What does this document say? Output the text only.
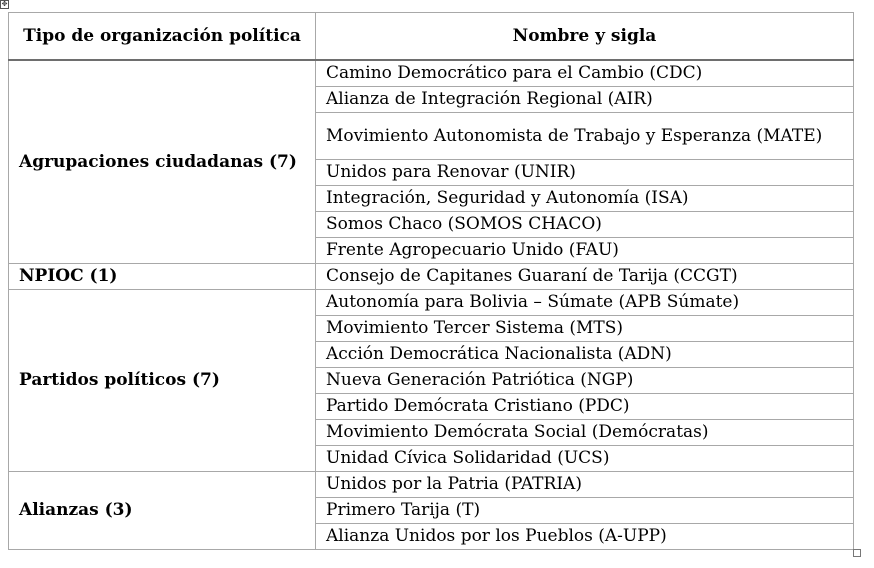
✥
Tipo de organización política	Nombre y sigla
Agrupaciones ciudadanas (7)	Camino Democrático para el Cambio (CDC)
	Alianza de Integración Regional (AIR)
	Movimiento Autonomista de Trabajo y Esperanza (MATE)
	Unidos para Renovar (UNIR)
	Integración, Seguridad y Autonomía (ISA)
	Somos Chaco (SOMOS CHACO)
	Frente Agropecuario Unido (FAU)
NPIOC (1)	Consejo de Capitanes Guaraní de Tarija (CCGT)
Partidos políticos (7)	Autonomía para Bolivia – Súmate (APB Súmate)
	Movimiento Tercer Sistema (MTS)
	Acción Democrática Nacionalista (ADN)
	Nueva Generación Patriótica (NGP)
	Partido Demócrata Cristiano (PDC)
	Movimiento Demócrata Social (Demócratas)
	Unidad Cívica Solidaridad (UCS)
Alianzas (3)	Unidos por la Patria (PATRIA)
	Primero Tarija (T)
	Alianza Unidos por los Pueblos (A-UPP)
